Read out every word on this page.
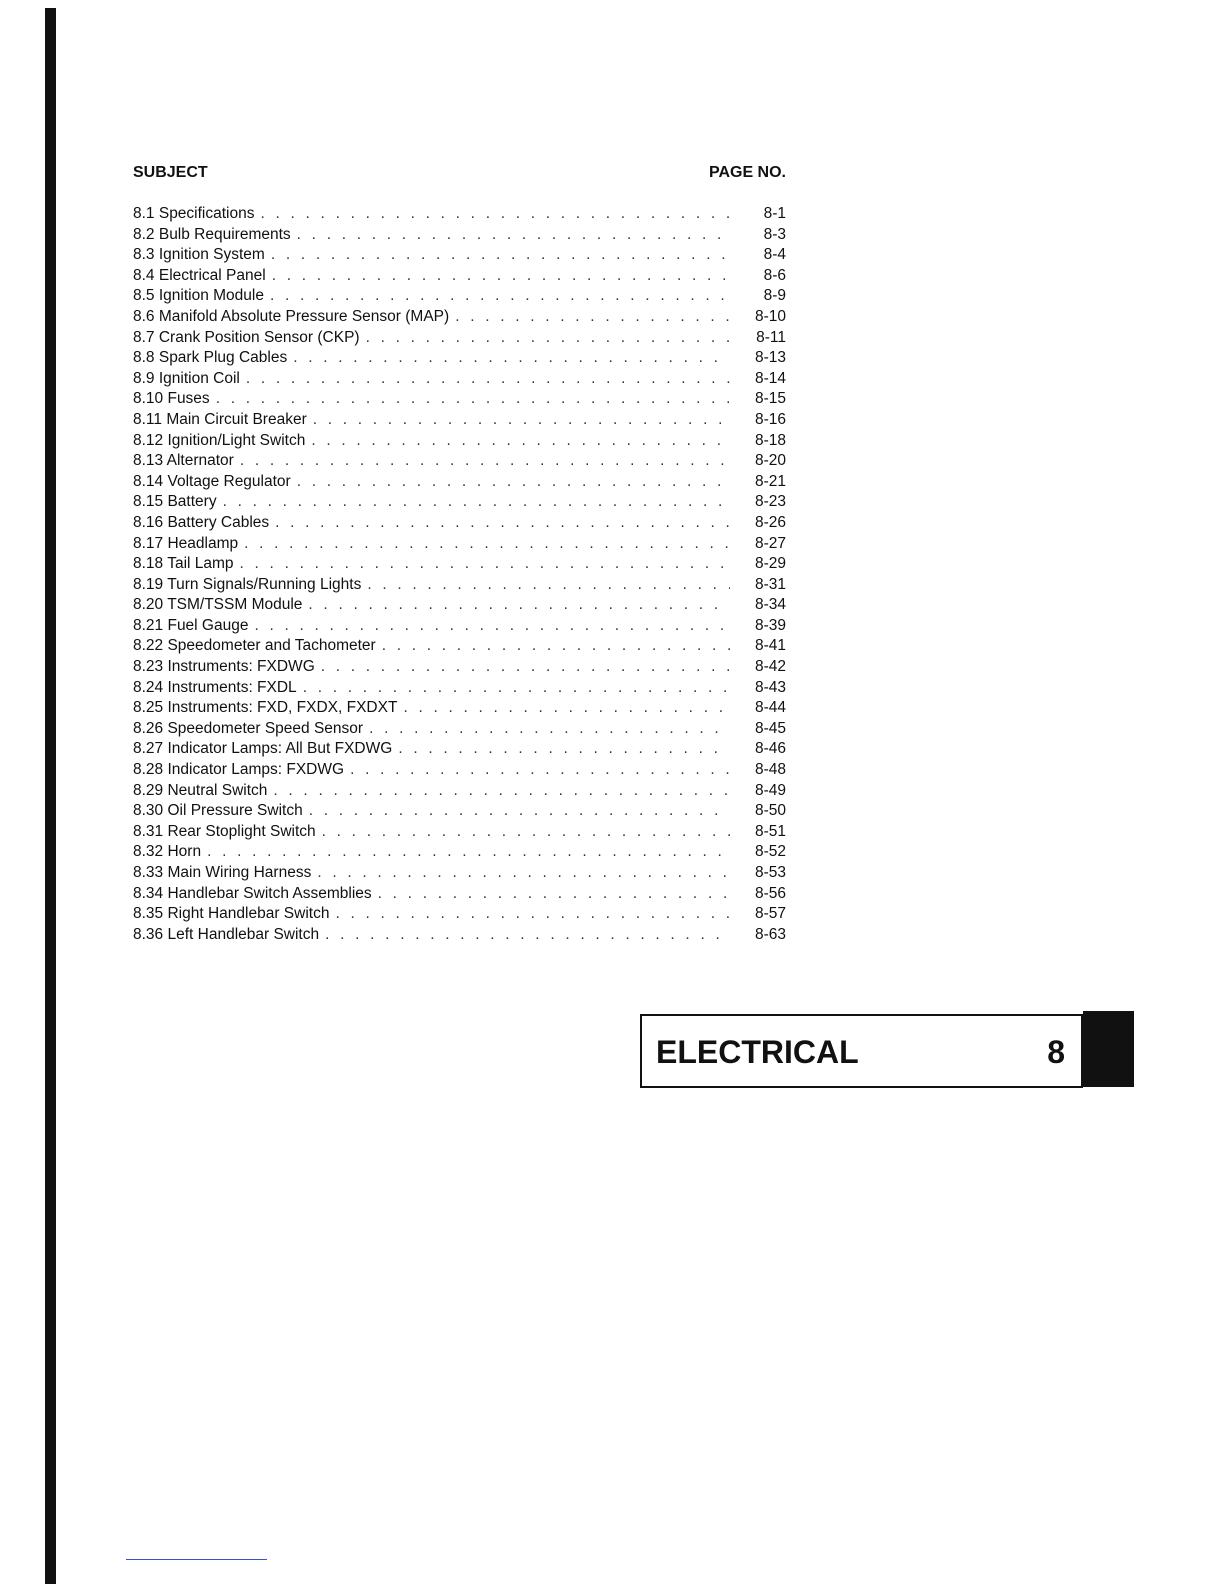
SUBJECT	PAGE NO.
8.1 Specifications . . .	8-1
8.2 Bulb Requirements . . .	8-3
8.3 Ignition System . . .	8-4
8.4 Electrical Panel . . .	8-6
8.5 Ignition Module . . .	8-9
8.6 Manifold Absolute Pressure Sensor (MAP) . . .	8-10
8.7 Crank Position Sensor (CKP) . . .	8-11
8.8 Spark Plug Cables . . .	8-13
8.9 Ignition Coil . . .	8-14
8.10 Fuses . . .	8-15
8.11 Main Circuit Breaker . . .	8-16
8.12 Ignition/Light Switch . . .	8-18
8.13 Alternator . . .	8-20
8.14 Voltage Regulator . . .	8-21
8.15 Battery . . .	8-23
8.16 Battery Cables . . .	8-26
8.17 Headlamp . . .	8-27
8.18 Tail Lamp . . .	8-29
8.19 Turn Signals/Running Lights . . .	8-31
8.20 TSM/TSSM Module . . .	8-34
8.21 Fuel Gauge . . .	8-39
8.22 Speedometer and Tachometer . . .	8-41
8.23 Instruments: FXDWG . . .	8-42
8.24 Instruments: FXDL . . .	8-43
8.25 Instruments: FXD, FXDX, FXDXT . . .	8-44
8.26 Speedometer Speed Sensor . . .	8-45
8.27 Indicator Lamps: All But FXDWG . . .	8-46
8.28 Indicator Lamps: FXDWG . . .	8-48
8.29 Neutral Switch . . .	8-49
8.30 Oil Pressure Switch . . .	8-50
8.31 Rear Stoplight Switch . . .	8-51
8.32 Horn . . .	8-52
8.33 Main Wiring Harness . . .	8-53
8.34 Handlebar Switch Assemblies . . .	8-56
8.35 Right Handlebar Switch . . .	8-57
8.36 Left Handlebar Switch . . .	8-63
ELECTRICAL	8
